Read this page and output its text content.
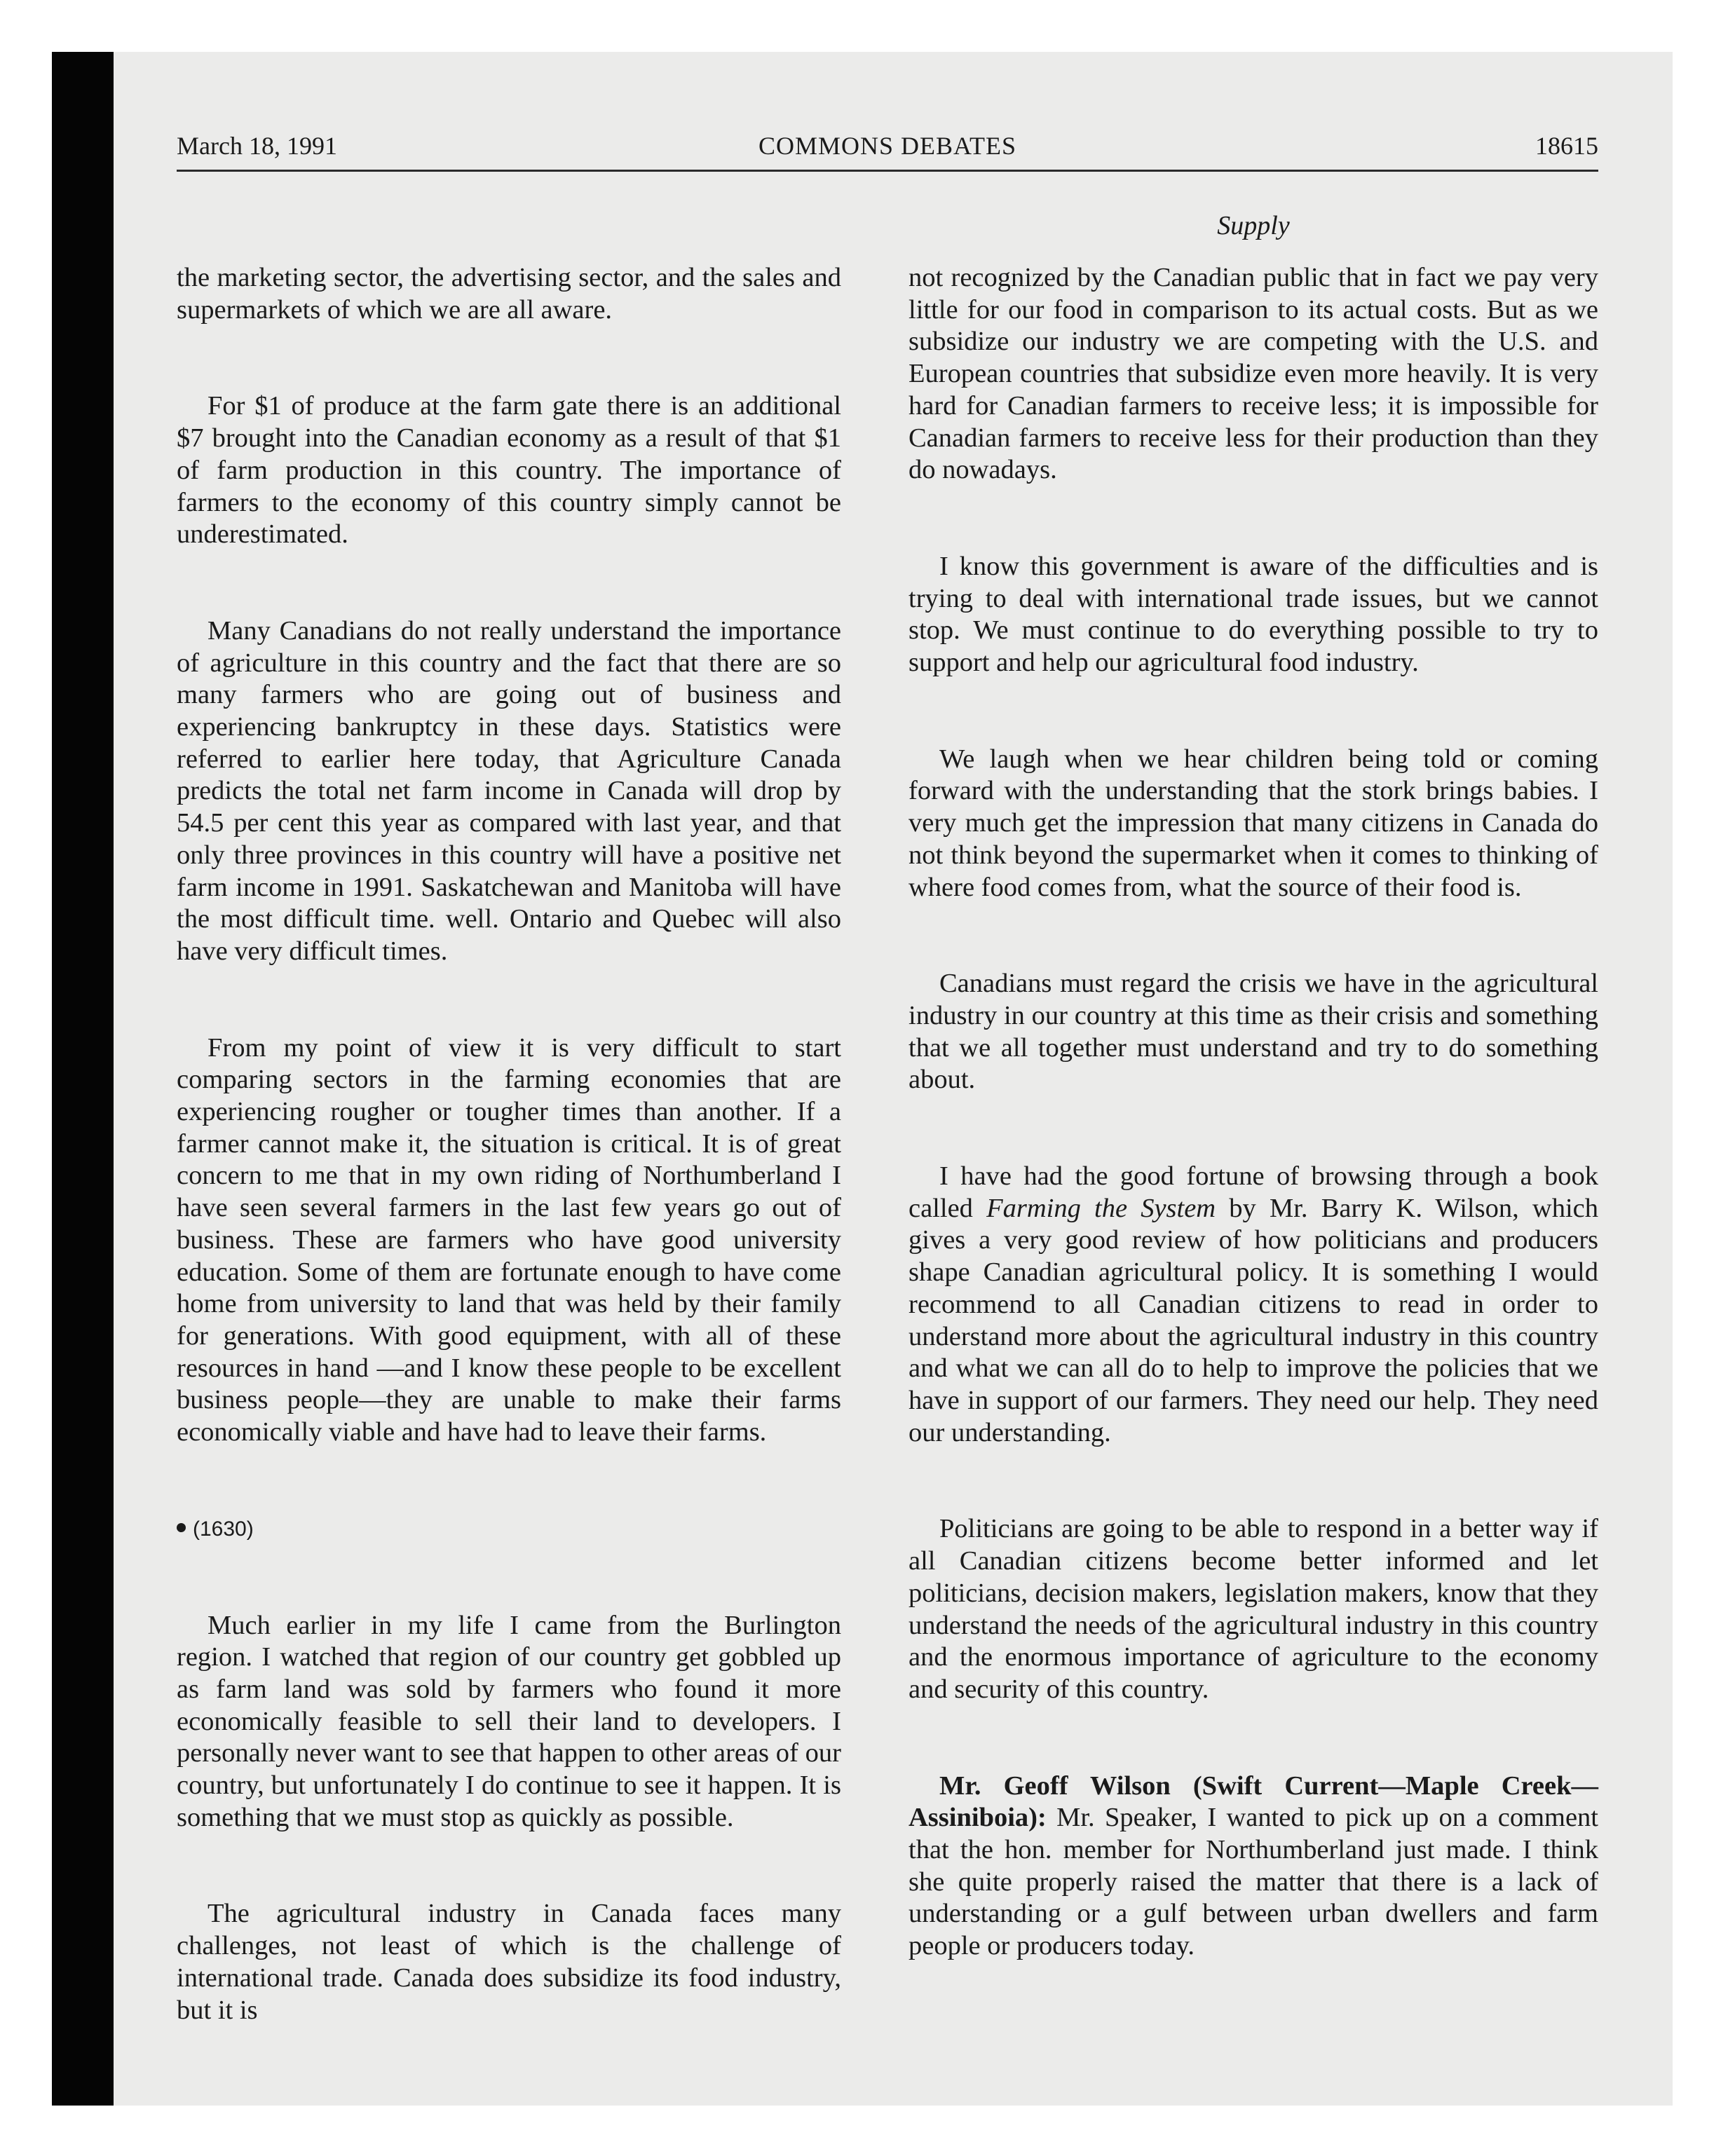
March 18, 1991	COMMONS DEBATES	18615
Supply

the marketing sector, the advertising sector, and the sales and supermarkets of which we are all aware.

For $1 of produce at the farm gate there is an additional $7 brought into the Canadian economy as a result of that $1 of farm production in this country. The importance of farmers to the economy of this country simply cannot be underestimated.

Many Canadians do not really understand the importance of agriculture in this country and the fact that there are so many farmers who are going out of business and experiencing bankruptcy in these days. Statistics were referred to earlier here today, that Agriculture Canada predicts the total net farm income in Canada will drop by 54.5 per cent this year as compared with last year, and that only three provinces in this country will have a positive net farm income in 1991. Saskatchewan and Manitoba will have the most difficult time. well. Ontario and Quebec will also have very difficult times.

From my point of view it is very difficult to start comparing sectors in the farming economies that are experiencing rougher or tougher times than another. If a farmer cannot make it, the situation is critical. It is of great concern to me that in my own riding of Northumberland I have seen several farmers in the last few years go out of business. These are farmers who have good university education. Some of them are fortunate enough to have come home from university to land that was held by their family for generations. With good equipment, with all of these resources in hand —and I know these people to be excellent business people—they are unable to make their farms economically viable and have had to leave their farms.

(1630)

Much earlier in my life I came from the Burlington region. I watched that region of our country get gobbled up as farm land was sold by farmers who found it more economically feasible to sell their land to developers. I personally never want to see that happen to other areas of our country, but unfortunately I do continue to see it happen. It is something that we must stop as quickly as possible.

The agricultural industry in Canada faces many challenges, not least of which is the challenge of international trade. Canada does subsidize its food industry, but it is

not recognized by the Canadian public that in fact we pay very little for our food in comparison to its actual costs. But as we subsidize our industry we are competing with the U.S. and European countries that subsidize even more heavily. It is very hard for Canadian farmers to receive less; it is impossible for Canadian farmers to receive less for their production than they do nowadays.

I know this government is aware of the difficulties and is trying to deal with international trade issues, but we cannot stop. We must continue to do everything possible to try to support and help our agricultural food industry.

We laugh when we hear children being told or coming forward with the understanding that the stork brings babies. I very much get the impression that many citizens in Canada do not think beyond the supermarket when it comes to thinking of where food comes from, what the source of their food is.

Canadians must regard the crisis we have in the agricultural industry in our country at this time as their crisis and something that we all together must understand and try to do something about.

I have had the good fortune of browsing through a book called Farming the System by Mr. Barry K. Wilson, which gives a very good review of how politicians and producers shape Canadian agricultural policy. It is something I would recommend to all Canadian citizens to read in order to understand more about the agricultural industry in this country and what we can all do to help to improve the policies that we have in support of our farmers. They need our help. They need our understanding.

Politicians are going to be able to respond in a better way if all Canadian citizens become better informed and let politicians, decision makers, legislation makers, know that they understand the needs of the agricultural industry in this country and the enormous importance of agriculture to the economy and security of this country.

Mr. Geoff Wilson (Swift Current—Maple Creek—Assiniboia): Mr. Speaker, I wanted to pick up on a comment that the hon. member for Northumberland just made. I think she quite properly raised the matter that there is a lack of understanding or a gulf between urban dwellers and farm people or producers today.
